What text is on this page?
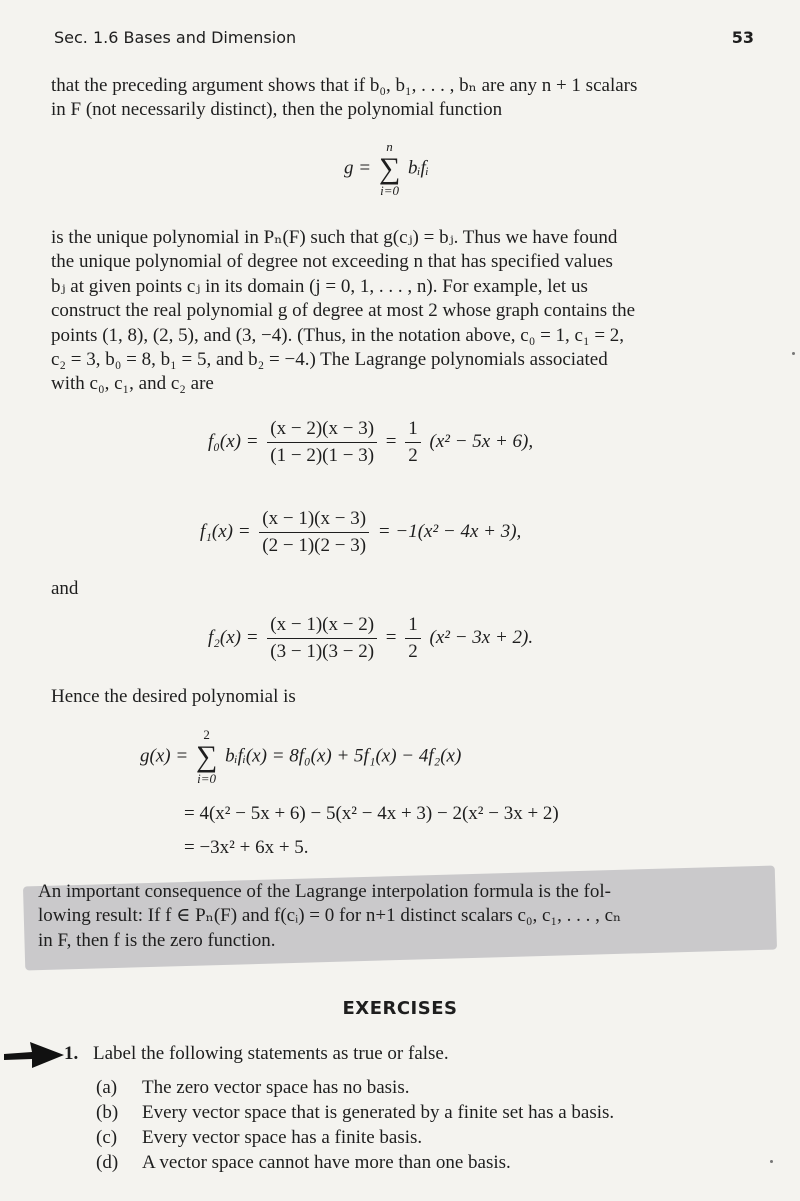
Sec. 1.6 Bases and Dimension	53
that the preceding argument shows that if b₀, b₁, . . . , bₙ are any n + 1 scalars
in F (not necessarily distinct), then the polynomial function
g =
n
∑
i=0
bᵢfᵢ
is the unique polynomial in Pₙ(F) such that g(cⱼ) = bⱼ. Thus we have found
the unique polynomial of degree not exceeding n that has specified values
bⱼ at given points cⱼ in its domain (j = 0, 1, . . . , n). For example, let us
construct the real polynomial g of degree at most 2 whose graph contains the
points (1, 8), (2, 5), and (3, −4). (Thus, in the notation above, c₀ = 1, c₁ = 2,
c₂ = 3, b₀ = 8, b₁ = 5, and b₂ = −4.) The Lagrange polynomials associated
with c₀, c₁, and c₂ are
$f_0(x) = \frac{(x - 2)(x - 3)}{(1 - 2)(1 - 3)} = \frac{1}{2} (x^2 - 5x + 6)$,
$f_1(x) = \frac{(x - 1)(x - 3)}{(2 - 1)(2 - 3)} = -1(x^2 - 4x + 3)$,
and
$f_2(x) = \frac{(x - 1)(x - 2)}{(3 - 1)(3 - 2)} = \frac{1}{2} (x^2 - 3x + 2)$.
Hence the desired polynomial is
g(x) =
2
∑
i=0
bᵢfᵢ(x) = 8f₀(x) + 5f₁(x) − 4f₂(x)
= 4(x² − 5x + 6) − 5(x² − 4x + 3) − 2(x² − 3x + 2)
= −3x² + 6x + 5.
An important consequence of the Lagrange interpolation formula is the fol-
lowing result: If f ∈ Pₙ(F) and f(cᵢ) = 0 for n+1 distinct scalars c₀, c₁, . . . , cₙ
in F, then f is the zero function.
EXERCISES
1. Label the following statements as true or false.
(a) The zero vector space has no basis.
(b) Every vector space that is generated by a finite set has a basis.
(c) Every vector space has a finite basis.
(d) A vector space cannot have more than one basis.
